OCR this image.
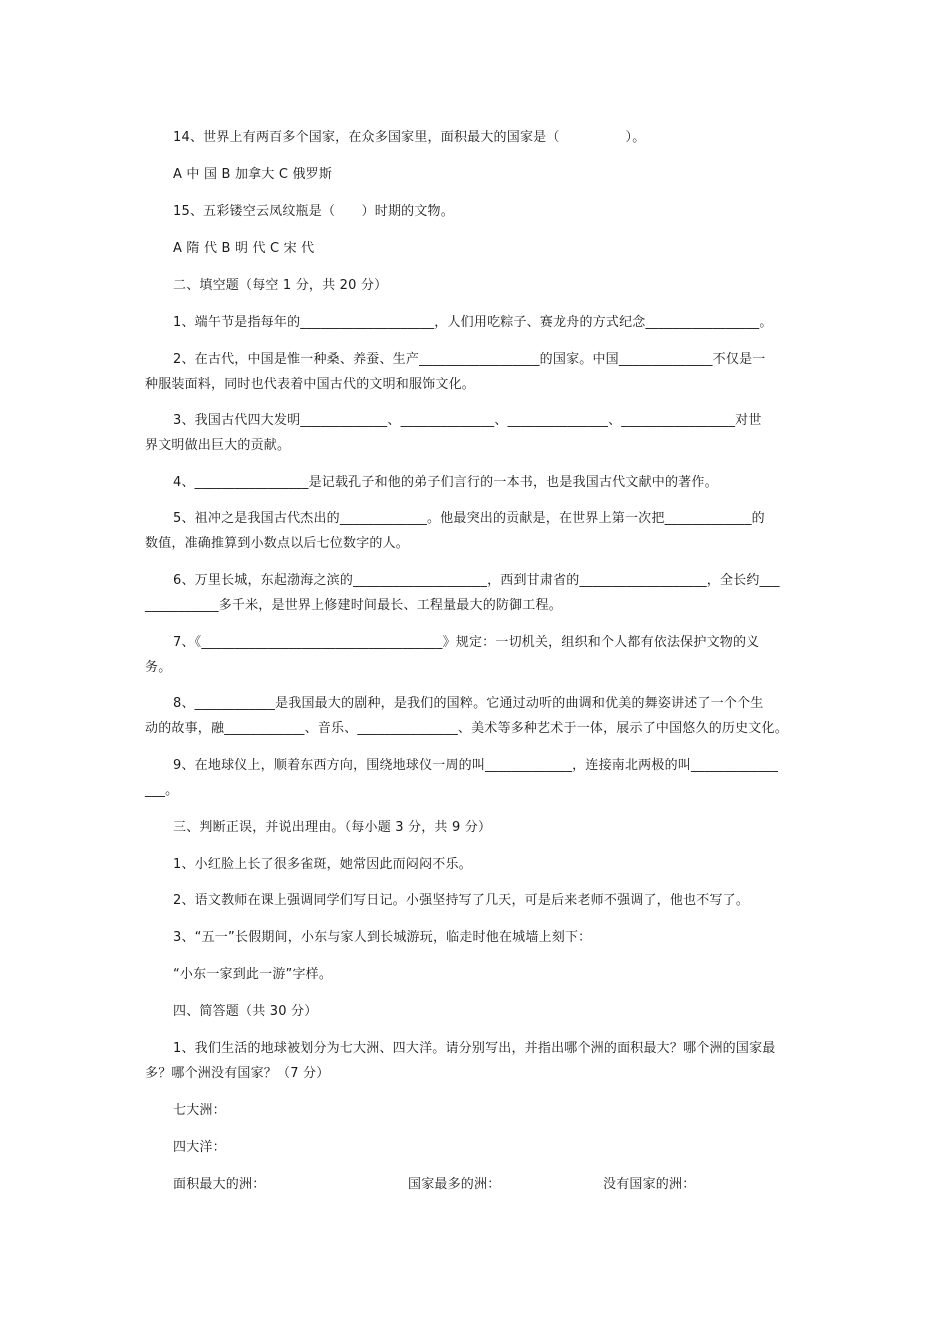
14、世界上有两百多个国家，在众多国家里，面积最大的国家是（　　　　　）。
A 中 国 B 加拿大 C 俄罗斯
15、五彩镂空云凤纹瓶是（　　）时期的文物。
A 隋 代 B 明 代 C 宋 代
二、填空题（每空 1 分，共 20 分）
1、端午节是指每年的____________________，人们用吃粽子、赛龙舟的方式纪念_________________。
2、在古代，中国是惟一种桑、养蚕、生产__________________的国家。中国______________不仅是一
种服装面料，同时也代表着中国古代的文明和服饰文化。
3、我国古代四大发明_____________、______________、_______________、_________________对世
界文明做出巨大的贡献。
4、_________________是记载孔子和他的弟子们言行的一本书，也是我国古代文献中的著作。
5、祖冲之是我国古代杰出的_____________。他最突出的贡献是，在世界上第一次把_____________的
数值，准确推算到小数点以后七位数字的人。
6、万里长城，东起渤海之滨的____________________，西到甘肃省的___________________，全长约___
___________多千米，是世界上修建时间最长、工程量最大的防御工程。
7、《____________________________________》规定：一切机关，组织和个人都有依法保护文物的义
务。
8、____________是我国最大的剧种，是我们的国粹。它通过动听的曲调和优美的舞姿讲述了一个个生
动的故事，融____________、音乐、_______________、美术等多种艺术于一体，展示了中国悠久的历史文化。
9、在地球仪上，顺着东西方向，围绕地球仪一周的叫_____________，连接南北两极的叫_____________
___。
三、判断正误，并说出理由。（每小题 3 分，共 9 分）
1、小红脸上长了很多雀斑，她常因此而闷闷不乐。
2、语文教师在课上强调同学们写日记。小强坚持写了几天，可是后来老师不强调了，他也不写了。
3、“五一”长假期间，小东与家人到长城游玩，临走时他在城墙上刻下：
“小东一家到此一游”字样。
四、简答题（共 30 分）
1、我们生活的地球被划分为七大洲、四大洋。请分别写出，并指出哪个洲的面积最大？哪个洲的国家最
多？哪个洲没有国家？（7 分）
七大洲：
四大洋：
面积最大的洲：	国家最多的洲：	没有国家的洲：
